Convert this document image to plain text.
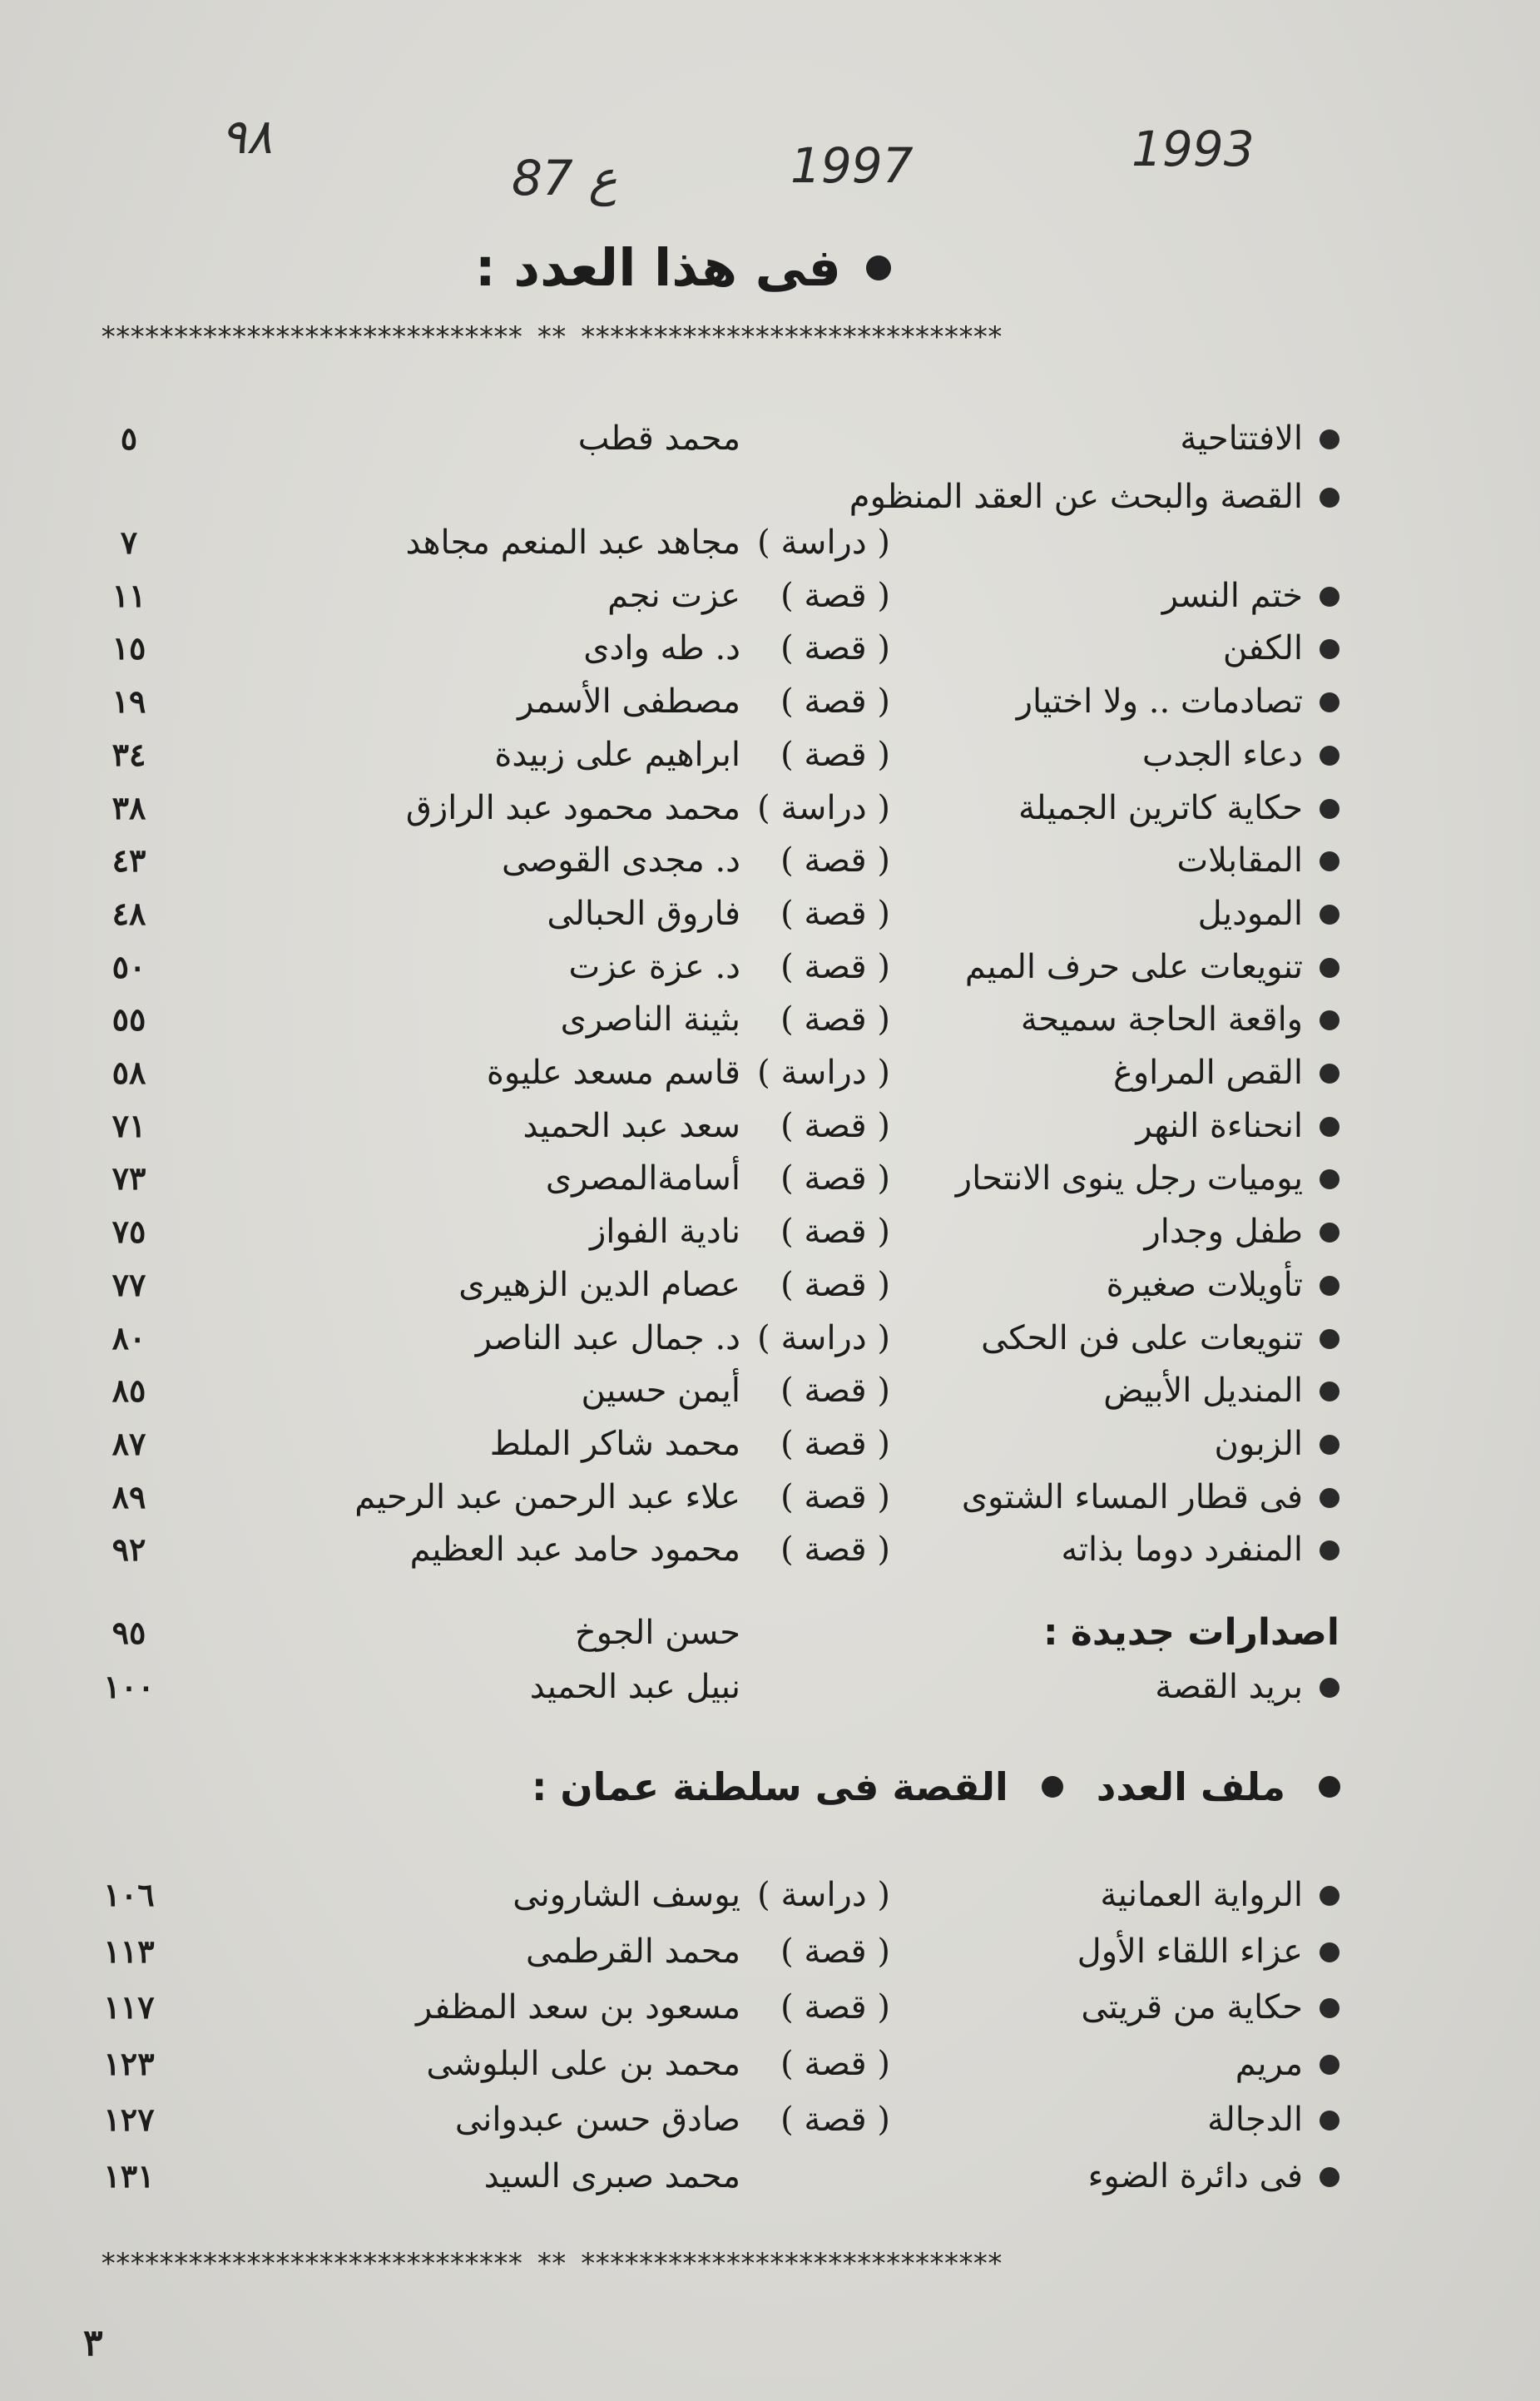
٩٨
87 ع	1997	1993
فى هذا العدد :
***************************** ** *****************************
الافتتاحية
محمد قطب
٥
القصة والبحث عن العقد المنظوم
( دراسة )
مجاهد عبد المنعم مجاهد
٧
ختم النسر
( قصة )
عزت نجم
١١
الكفن
( قصة )
د. طه وادى
١٥
تصادمات .. ولا اختيار
( قصة )
مصطفى الأسمر
١٩
دعاء الجدب
( قصة )
ابراهيم على زبيدة
٣٤
حكاية كاترين الجميلة
( دراسة )
محمد محمود عبد الرازق
٣٨
المقابلات
( قصة )
د. مجدى القوصى
٤٣
الموديل
( قصة )
فاروق الحبالى
٤٨
تنويعات على حرف الميم
( قصة )
د. عزة عزت
٥٠
واقعة الحاجة سميحة
( قصة )
بثينة الناصرى
٥٥
القص المراوغ
( دراسة )
قاسم مسعد عليوة
٥٨
انحناءة النهر
( قصة )
سعد عبد الحميد
٧١
يوميات رجل ينوى الانتحار
( قصة )
أسامةالمصرى
٧٣
طفل وجدار
( قصة )
نادية الفواز
٧٥
تأويلات صغيرة
( قصة )
عصام الدين الزهيرى
٧٧
تنويعات على فن الحكى
( دراسة )
د. جمال عبد الناصر
٨٠
المنديل الأبيض
( قصة )
أيمن حسين
٨٥
الزبون
( قصة )
محمد شاكر الملط
٨٧
فى قطار المساء الشتوى
( قصة )
علاء عبد الرحمن عبد الرحيم
٨٩
المنفرد دوما بذاته
( قصة )
محمود حامد عبد العظيم
٩٢
اصدارات جديدة :
حسن الجوخ
٩٥
بريد القصة
نبيل عبد الحميد
١٠٠
ملف العدد
القصة فى سلطنة عمان :
الرواية العمانية
( دراسة )
يوسف الشارونى
١٠٦
عزاء اللقاء الأول
( قصة )
محمد القرطمى
١١٣
حكاية من قريتى
( قصة )
مسعود بن سعد المظفر
١١٧
مريم
( قصة )
محمد بن على البلوشى
١٢٣
الدجالة
( قصة )
صادق حسن عبدوانى
١٢٧
فى دائرة الضوء
محمد صبرى السيد
١٣١
***************************** ** *****************************
٣
